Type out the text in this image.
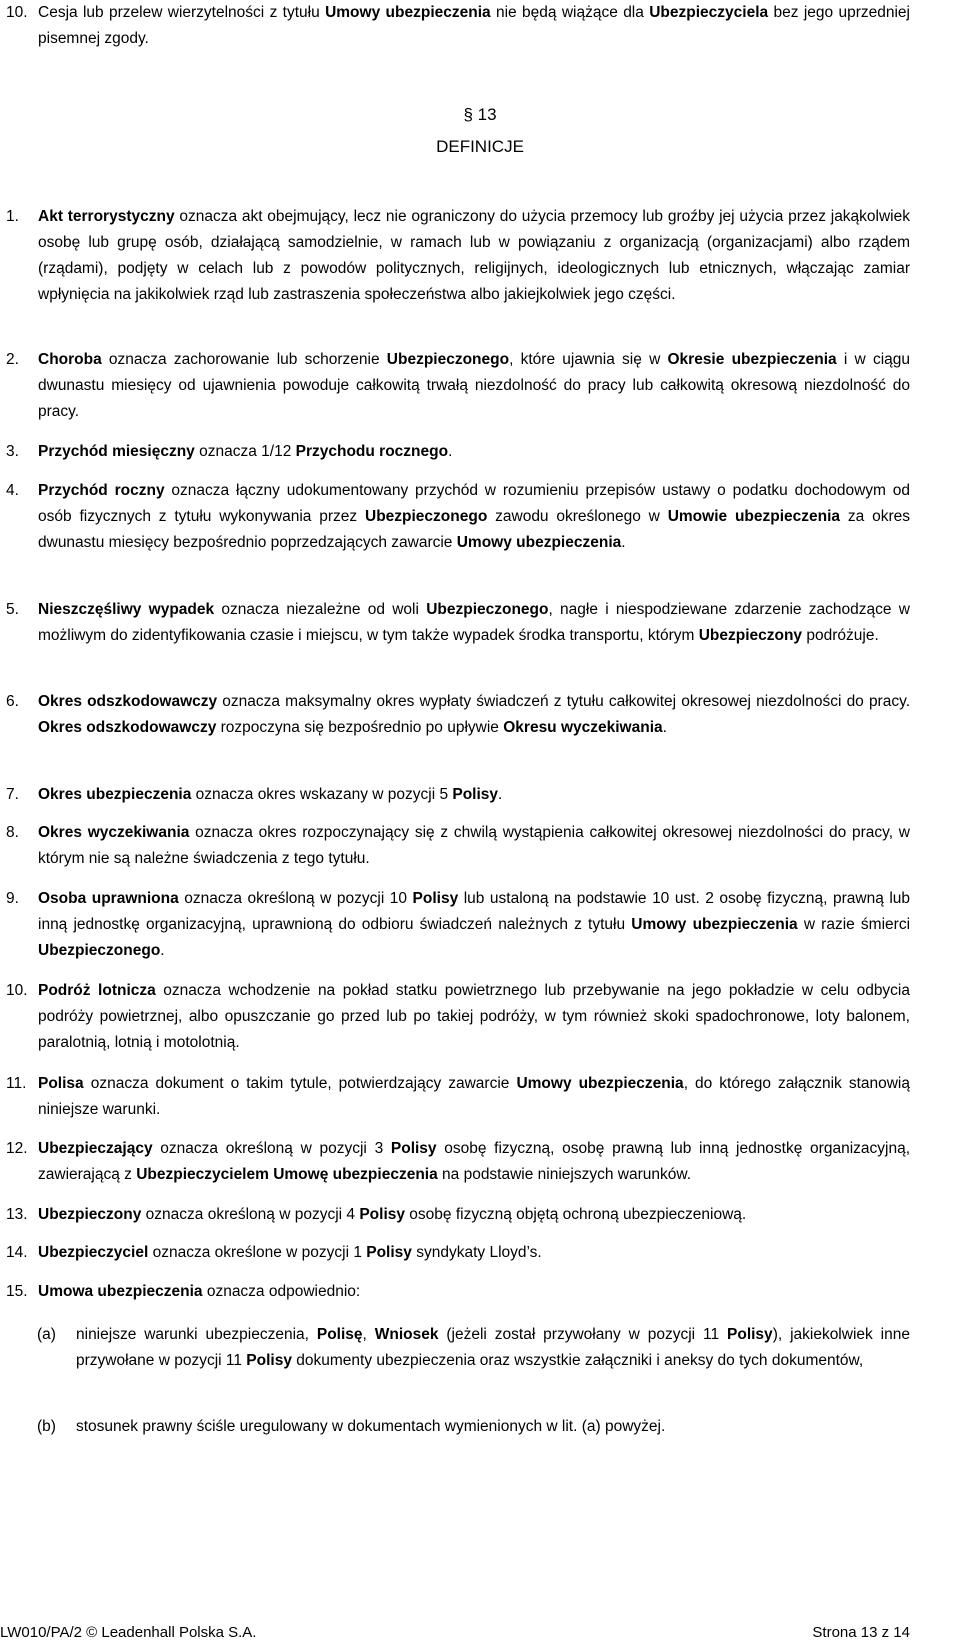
10. Cesja lub przelew wierzytelności z tytułu Umowy ubezpieczenia nie będą wiążące dla Ubezpieczyciela bez jego uprzedniej pisemnej zgody.
§ 13
DEFINICJE
1. Akt terrorystyczny oznacza akt obejmujący, lecz nie ograniczony do użycia przemocy lub groźby jej użycia przez jakąkolwiek osobę lub grupę osób, działającą samodzielnie, w ramach lub w powiązaniu z organizacją (organizacjami) albo rządem (rządami), podjęty w celach lub z powodów politycznych, religijnych, ideologicznych lub etnicznych, włączając zamiar wpłynięcia na jakikolwiek rząd lub zastraszenia społeczeństwa albo jakiejkolwiek jego części.
2. Choroba oznacza zachorowanie lub schorzenie Ubezpieczonego, które ujawnia się w Okresie ubezpieczenia i w ciągu dwunastu miesięcy od ujawnienia powoduje całkowitą trwałą niezdolność do pracy lub całkowitą okresową niezdolność do pracy.
3. Przychód miesięczny oznacza 1/12 Przychodu rocznego.
4. Przychód roczny oznacza łączny udokumentowany przychód w rozumieniu przepisów ustawy o podatku dochodowym od osób fizycznych z tytułu wykonywania przez Ubezpieczonego zawodu określonego w Umowie ubezpieczenia za okres dwunastu miesięcy bezpośrednio poprzedzających zawarcie Umowy ubezpieczenia.
5. Nieszczęśliwy wypadek oznacza niezależne od woli Ubezpieczonego, nagłe i niespodziewane zdarzenie zachodzące w możliwym do zidentyfikowania czasie i miejscu, w tym także wypadek środka transportu, którym Ubezpieczony podróżuje.
6. Okres odszkodowawczy oznacza maksymalny okres wypłaty świadczeń z tytułu całkowitej okresowej niezdolności do pracy. Okres odszkodowawczy rozpoczyna się bezpośrednio po upływie Okresu wyczekiwania.
7. Okres ubezpieczenia oznacza okres wskazany w pozycji 5 Polisy.
8. Okres wyczekiwania oznacza okres rozpoczynający się z chwilą wystąpienia całkowitej okresowej niezdolności do pracy, w którym nie są należne świadczenia z tego tytułu.
9. Osoba uprawniona oznacza określoną w pozycji 10 Polisy lub ustaloną na podstawie 10 ust. 2 osobę fizyczną, prawną lub inną jednostkę organizacyjną, uprawnioną do odbioru świadczeń należnych z tytułu Umowy ubezpieczenia w razie śmierci Ubezpieczonego.
10. Podróż lotnicza oznacza wchodzenie na pokład statku powietrznego lub przebywanie na jego pokładzie w celu odbycia podróży powietrznej, albo opuszczanie go przed lub po takiej podróży, w tym również skoki spadochronowe, loty balonem, paralotnią, lotnią i motolotnią.
11. Polisa oznacza dokument o takim tytule, potwierdzający zawarcie Umowy ubezpieczenia, do którego załącznik stanowią niniejsze warunki.
12. Ubezpieczający oznacza określoną w pozycji 3 Polisy osobę fizyczną, osobę prawną lub inną jednostkę organizacyjną, zawierającą z Ubezpieczycielem Umowę ubezpieczenia na podstawie niniejszych warunków.
13. Ubezpieczony oznacza określoną w pozycji 4 Polisy osobę fizyczną objętą ochroną ubezpieczeniową.
14. Ubezpieczyciel oznacza określone w pozycji 1 Polisy syndykaty Lloyd’s.
15. Umowa ubezpieczenia oznacza odpowiednio:
(a) niniejsze warunki ubezpieczenia, Polisę, Wniosek (jeżeli został przywołany w pozycji 11 Polisy), jakiekolwiek inne przywołane w pozycji 11 Polisy dokumenty ubezpieczenia oraz wszystkie załączniki i aneksy do tych dokumentów,
(b) stosunek prawny ściśle uregulowany w dokumentach wymienionych w lit. (a) powyżej.
LW010/PA/2 © Leadenhall Polska S.A.	Strona 13 z 14
